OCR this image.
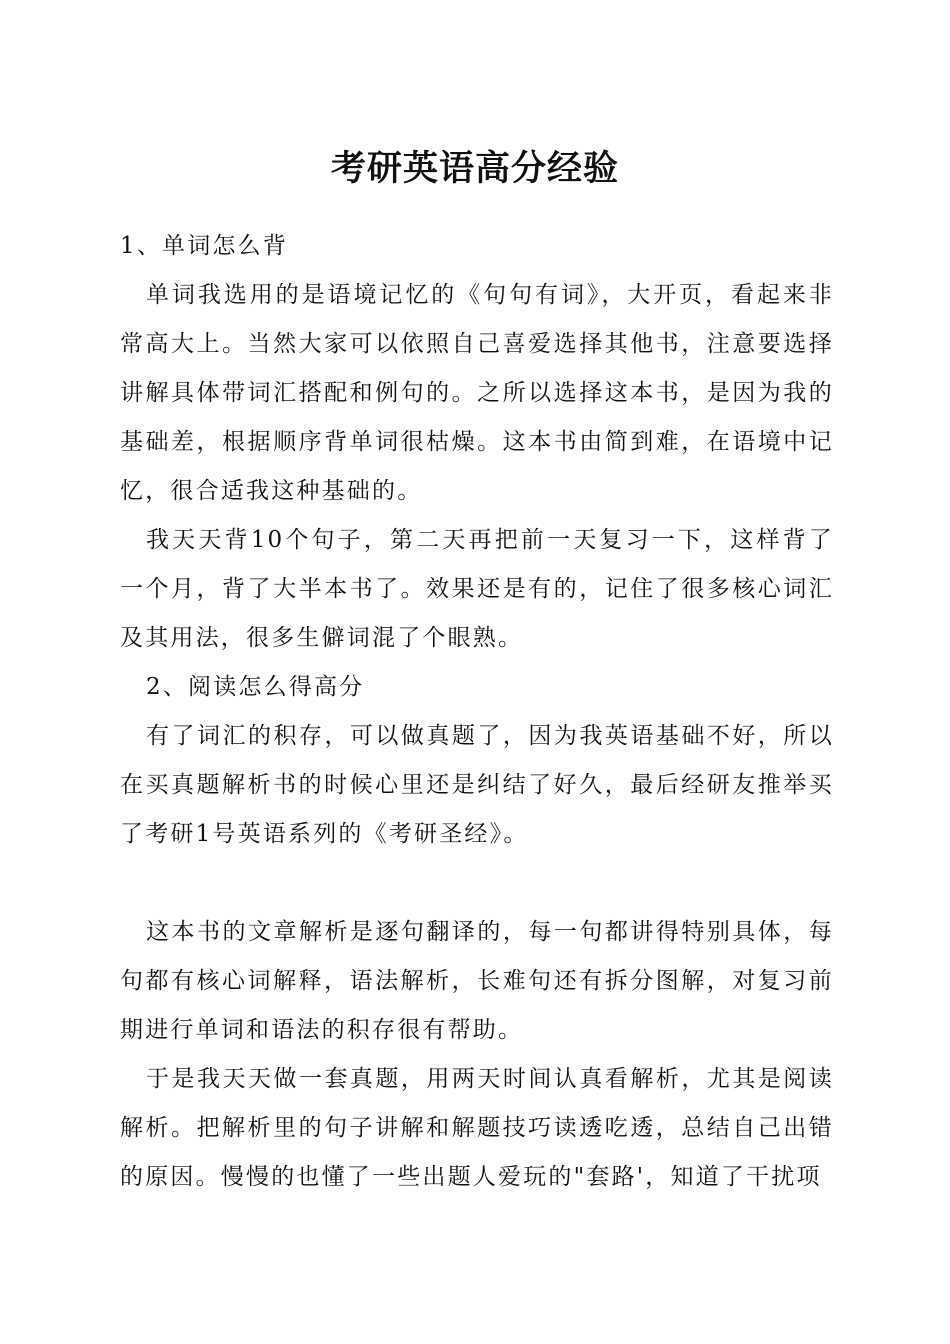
考研英语高分经验

1、单词怎么背

单词我选用的是语境记忆的《句句有词》，大开页，看起来非常高大上。当然大家可以依照自己喜爱选择其他书，注意要选择讲解具体带词汇搭配和例句的。之所以选择这本书，是因为我的基础差，根据顺序背单词很枯燥。这本书由简到难，在语境中记忆，很合适我这种基础的。

我天天背10个句子，第二天再把前一天复习一下，这样背了一个月，背了大半本书了。效果还是有的，记住了很多核心词汇及其用法，很多生僻词混了个眼熟。

2、阅读怎么得高分

有了词汇的积存，可以做真题了，因为我英语基础不好，所以在买真题解析书的时候心里还是纠结了好久，最后经研友推举买了考研1号英语系列的《考研圣经》。

这本书的文章解析是逐句翻译的，每一句都讲得特别具体，每句都有核心词解释，语法解析，长难句还有拆分图解，对复习前期进行单词和语法的积存很有帮助。

于是我天天做一套真题，用两天时间认真看解析，尤其是阅读解析。把解析里的句子讲解和解题技巧读透吃透，总结自己出错的原因。慢慢的也懂了一些出题人爱玩的"套路'，知道了干扰项
